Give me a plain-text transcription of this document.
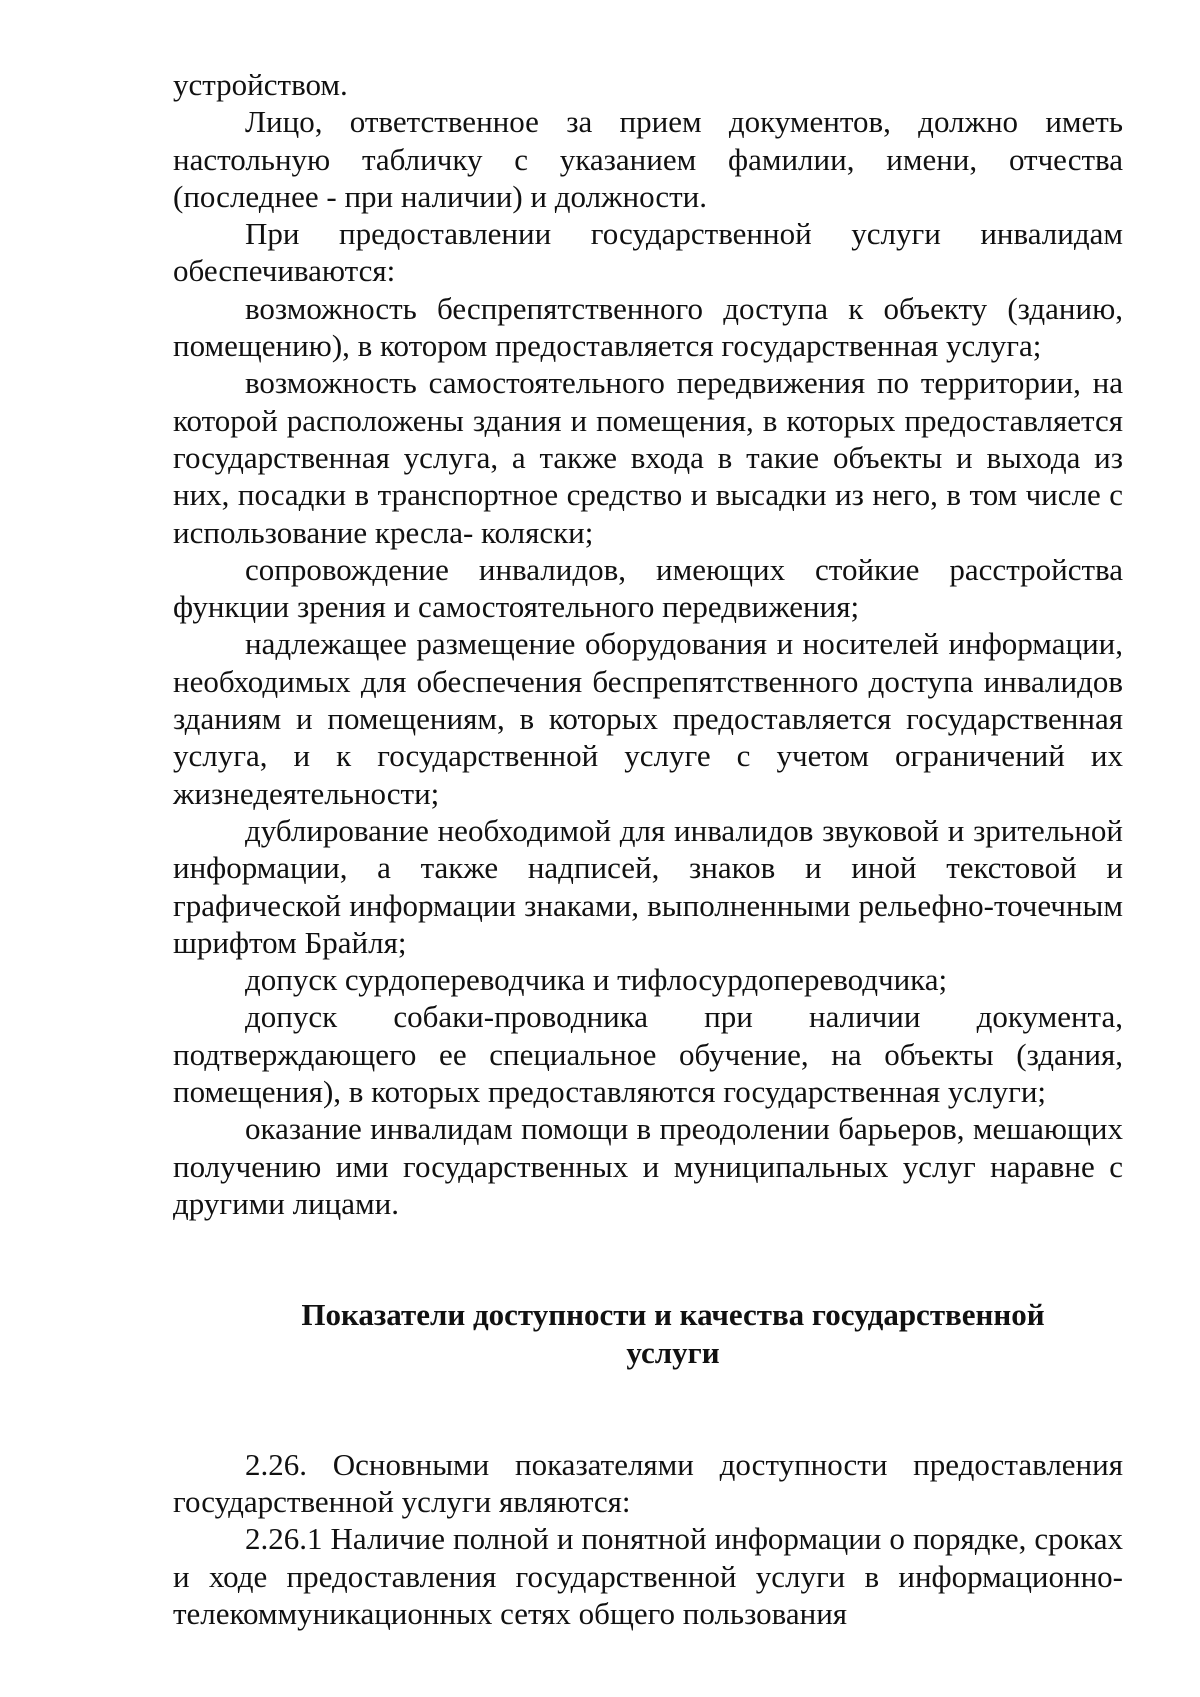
устройством.

Лицо, ответственное за прием документов, должно иметь настольную табличку с указанием фамилии, имени, отчества (последнее - при наличии) и должности.

При предоставлении государственной услуги инвалидам обеспечиваются:

возможность беспрепятственного доступа к объекту (зданию, помещению), в котором предоставляется государственная услуга;

возможность самостоятельного передвижения по территории, на которой расположены здания и помещения, в которых предоставляется государственная услуга, а также входа в такие объекты и выхода из них, посадки в транспортное средство и высадки из него, в том числе с использование кресла- коляски;

сопровождение инвалидов, имеющих стойкие расстройства функции зрения и самостоятельного передвижения;

надлежащее размещение оборудования и носителей информации, необходимых для обеспечения беспрепятственного доступа инвалидов зданиям и помещениям, в которых предоставляется государственная услуга, и к государственной услуге с учетом ограничений их жизнедеятельности;

дублирование необходимой для инвалидов звуковой и зрительной информации, а также надписей, знаков и иной текстовой и графической информации знаками, выполненными рельефно-точечным шрифтом Брайля;

допуск сурдопереводчика и тифлосурдопереводчика;

допуск собаки-проводника при наличии документа, подтверждающего ее специальное обучение, на объекты (здания, помещения), в которых предоставляются государственная услуги;

оказание инвалидам помощи в преодолении барьеров, мешающих получению ими государственных и муниципальных услуг наравне с другими лицами.

Показатели доступности и качества государственной

услуги

2.26. Основными показателями доступности предоставления государственной услуги являются:

2.26.1 Наличие полной и понятной информации о порядке, сроках и ходе предоставления государственной услуги в информационно- телекоммуникационных сетях общего пользования
